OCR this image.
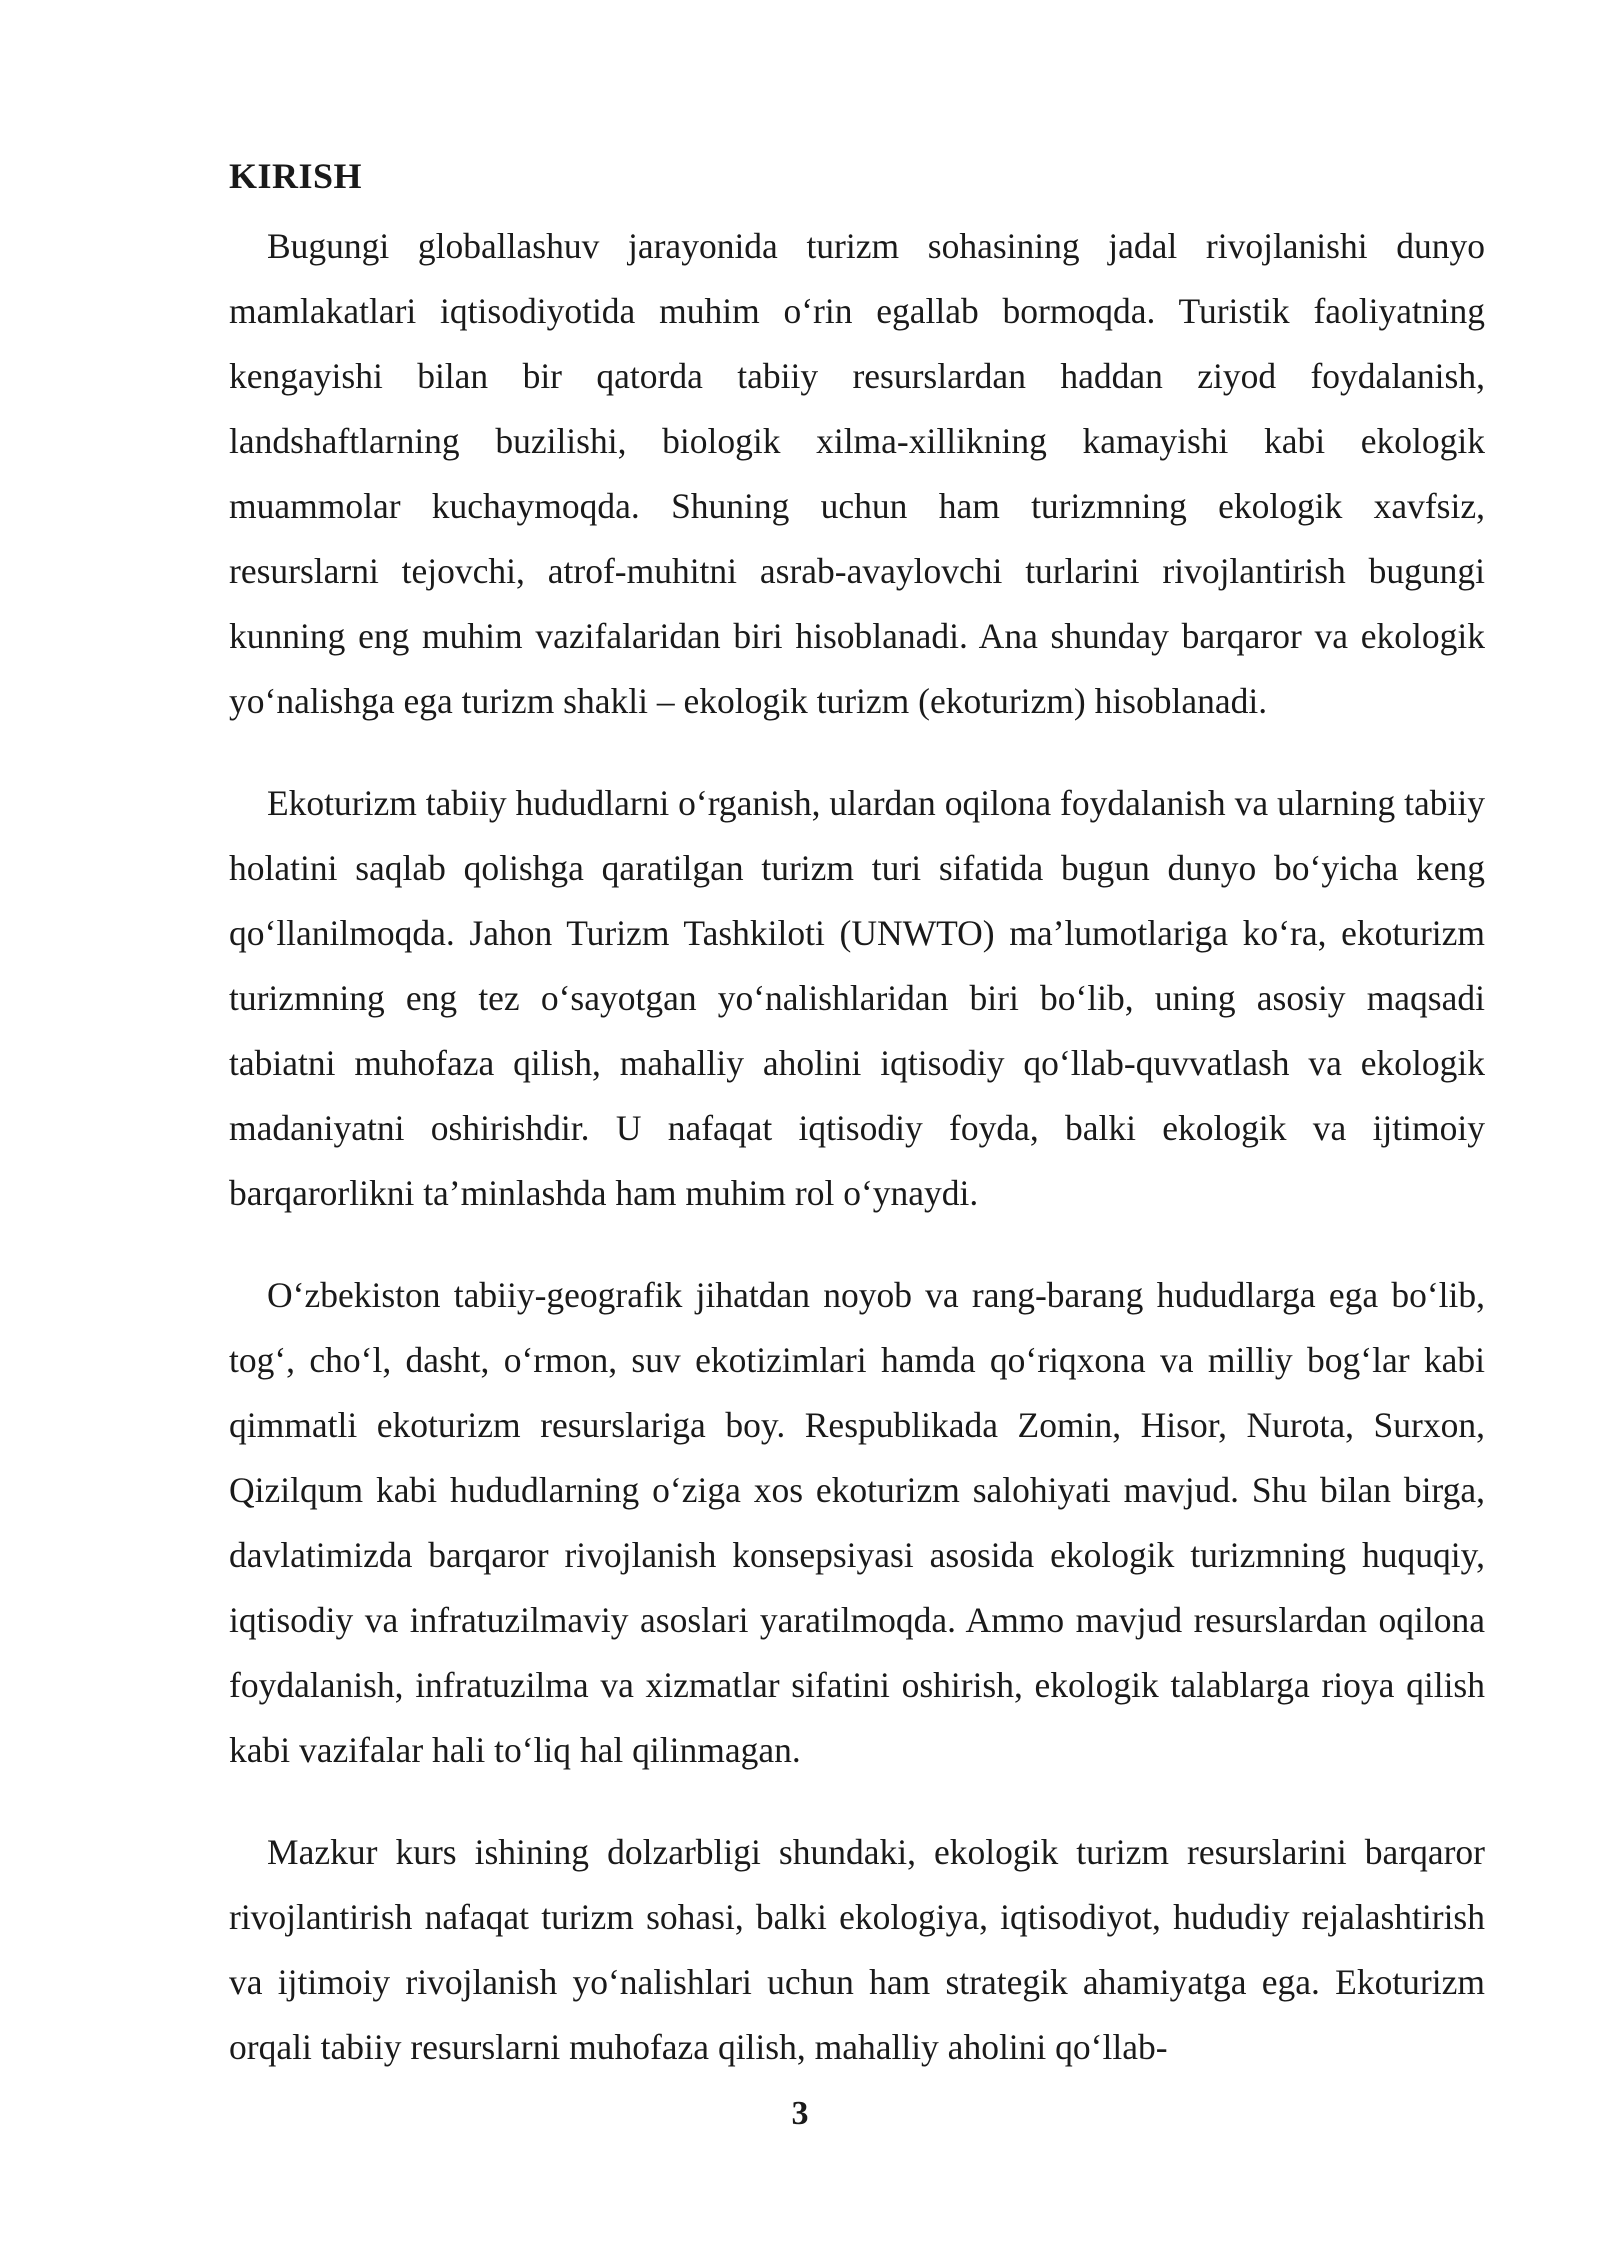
KIRISH

Bugungi globallashuv jarayonida turizm sohasining jadal rivojlanishi dunyo mamlakatlari iqtisodiyotida muhim o‘rin egallab bormoqda. Turistik faoliyatning kengayishi bilan bir qatorda tabiiy resurslardan haddan ziyod foydalanish, landshaftlarning buzilishi, biologik xilma-xillikning kamayishi kabi ekologik muammolar kuchaymoqda. Shuning uchun ham turizmning ekologik xavfsiz, resurslarni tejovchi, atrof-muhitni asrab-avaylovchi turlarini rivojlantirish bugungi kunning eng muhim vazifalaridan biri hisoblanadi. Ana shunday barqaror va ekologik yo‘nalishga ega turizm shakli – ekologik turizm (ekoturizm) hisoblanadi.

Ekoturizm tabiiy hududlarni o‘rganish, ulardan oqilona foydalanish va ularning tabiiy holatini saqlab qolishga qaratilgan turizm turi sifatida bugun dunyo bo‘yicha keng qo‘llanilmoqda. Jahon Turizm Tashkiloti (UNWTO) ma’lumotlariga ko‘ra, ekoturizm turizmning eng tez o‘sayotgan yo‘nalishlaridan biri bo‘lib, uning asosiy maqsadi tabiatni muhofaza qilish, mahalliy aholini iqtisodiy qo‘llab-quvvatlash va ekologik madaniyatni oshirishdir. U nafaqat iqtisodiy foyda, balki ekologik va ijtimoiy barqarorlikni ta’minlashda ham muhim rol o‘ynaydi.

O‘zbekiston tabiiy-geografik jihatdan noyob va rang-barang hududlarga ega bo‘lib, tog‘, cho‘l, dasht, o‘rmon, suv ekotizimlari hamda qo‘riqxona va milliy bog‘lar kabi qimmatli ekoturizm resurslariga boy. Respublikada Zomin, Hisor, Nurota, Surxon, Qizilqum kabi hududlarning o‘ziga xos ekoturizm salohiyati mavjud. Shu bilan birga, davlatimizda barqaror rivojlanish konsepsiyasi asosida ekologik turizmning huquqiy, iqtisodiy va infratuzilmaviy asoslari yaratilmoqda. Ammo mavjud resurslardan oqilona foydalanish, infratuzilma va xizmatlar sifatini oshirish, ekologik talablarga rioya qilish kabi vazifalar hali to‘liq hal qilinmagan.

Mazkur kurs ishining dolzarbligi shundaki, ekologik turizm resurslarini barqaror rivojlantirish nafaqat turizm sohasi, balki ekologiya, iqtisodiyot, hududiy rejalashtirish va ijtimoiy rivojlanish yo‘nalishlari uchun ham strategik ahamiyatga ega. Ekoturizm orqali tabiiy resurslarni muhofaza qilish, mahalliy aholini qo‘llab-

3
